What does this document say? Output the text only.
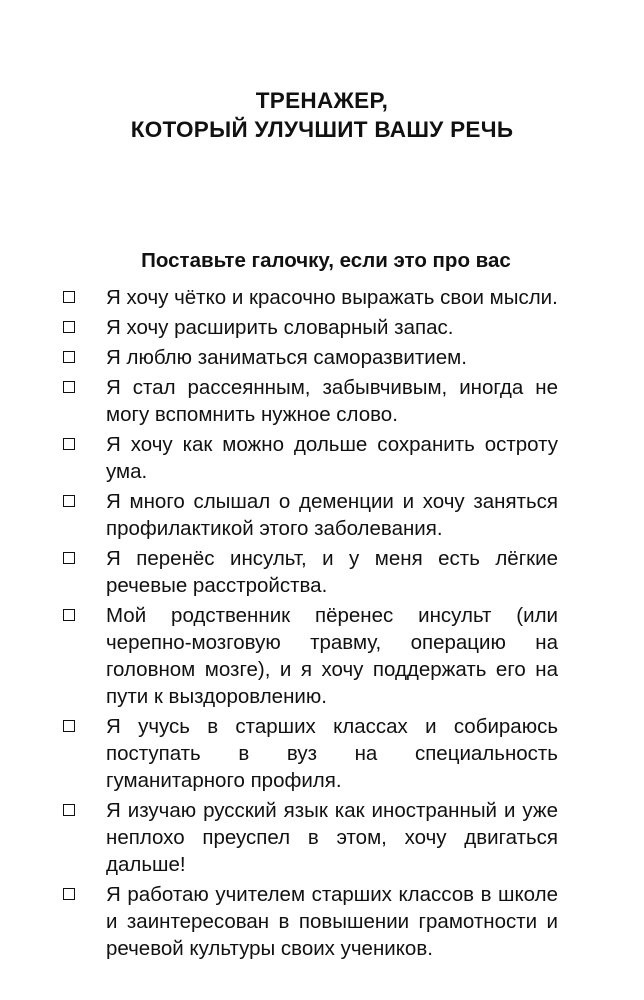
ТРЕНАЖЕР,
КОТОРЫЙ УЛУЧШИТ ВАШУ РЕЧЬ
Поставьте галочку, если это про вас
Я хочу чётко и красочно выражать свои мысли.
Я хочу расширить словарный запас.
Я люблю заниматься саморазвитием.
Я стал рассеянным, забывчивым, иногда не могу вспомнить нужное слово.
Я хочу как можно дольше сохранить остроту ума.
Я много слышал о деменции и хочу заняться профилактикой этого заболевания.
Я перенёс инсульт, и у меня есть лёгкие речевые расстройства.
Мой родственник пёренес инсульт (или черепно-мозговую травму, операцию на головном мозге), и я хочу поддержать его на пути к выздоровлению.
Я учусь в старших классах и собираюсь поступать в вуз на специальность гуманитарного профиля.
Я изучаю русский язык как иностранный и уже неплохо преуспел в этом, хочу двигаться дальше!
Я работаю учителем старших классов в школе и заинтересован в повышении грамотности и речевой культуры своих учеников.
